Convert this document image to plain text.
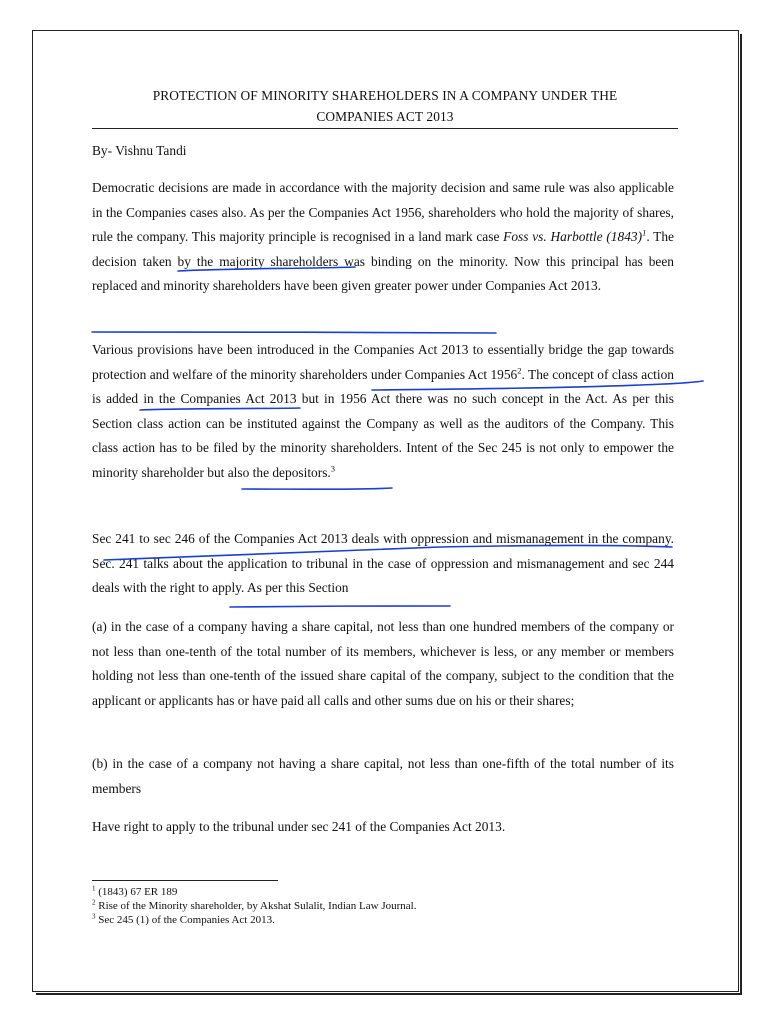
PROTECTION OF MINORITY SHAREHOLDERS IN A COMPANY UNDER THE
COMPANIES ACT 2013
By- Vishnu Tandi
Democratic decisions are made in accordance with the majority decision and same rule was also applicable in the Companies cases also. As per the Companies Act 1956, shareholders who hold the majority of shares, rule the company. This majority principle is recognised in a land mark case Foss vs. Harbottle $(1843)^1$. The decision taken by the majority shareholders was binding on the minority. Now this principal has been replaced and minority shareholders have been given greater power under Companies Act 2013.
Various provisions have been introduced in the Companies Act 2013 to essentially bridge the gap towards protection and welfare of the minority shareholders under Companies Act 1956$^2$. The concept of class action is added in the Companies Act 2013 but in 1956 Act there was no such concept in the Act. As per this Section class action can be instituted against the Company as well as the auditors of the Company. This class action has to be filed by the minority shareholders. Intent of the Sec 245 is not only to empower the minority shareholder but also the depositors.$^3$
Sec 241 to sec 246 of the Companies Act 2013 deals with oppression and mismanagement in the company. Sec. 241 talks about the application to tribunal in the case of oppression and mismanagement and sec 244 deals with the right to apply. As per this Section
(a) in the case of a company having a share capital, not less than one hundred members of the company or not less than one-tenth of the total number of its members, whichever is less, or any member or members holding not less than one-tenth of the issued share capital of the company, subject to the condition that the applicant or applicants has or have paid all calls and other sums due on his or their shares;
(b) in the case of a company not having a share capital, not less than one-fifth of the total number of its members
Have right to apply to the tribunal under sec 241 of the Companies Act 2013.
$^1$ (1843) 67 ER 189
$^2$ Rise of the Minority shareholder, by Akshat Sulalit, Indian Law Journal.
$^3$ Sec 245 (1) of the Companies Act 2013.
